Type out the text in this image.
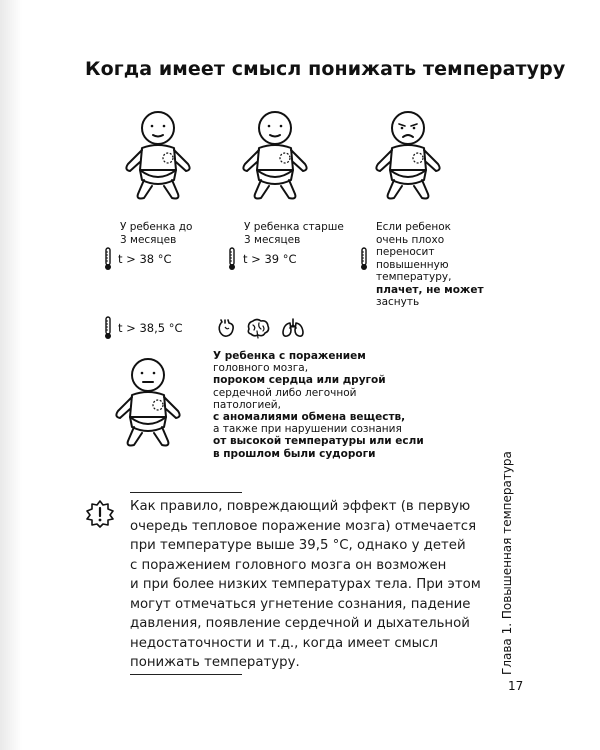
Когда имеет смысл понижать температуру
У ребенка до
3 месяцев
t > 38 °C
У ребенка старше
3 месяцев
t > 39 °C
Если ребенок
очень плохо
переносит
повышенную
температуру,
плачет, не может
заснуть
t > 38,5 °C
У ребенка с поражением
головного мозга,
пороком сердца или другой
сердечной либо легочной
патологией,
с аномалиями обмена веществ,
а также при нарушении сознания
от высокой температуры или если
в прошлом были судороги
Как правило, повреждающий эффект (в первую
очередь тепловое поражение мозга) отмечается
при температуре выше 39,5 °С, однако у детей
с поражением головного мозга он возможен
и при более низких температурах тела. При этом
могут отмечаться угнетение сознания, падение
давления, появление сердечной и дыхательной
недостаточности и т.д., когда имеет смысл
понижать температуру.	Глава 1. Повышенная температура
17
